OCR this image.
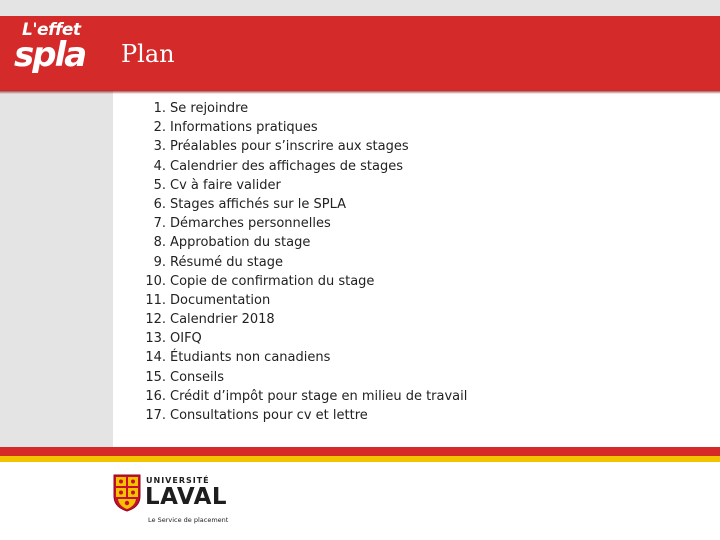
L'effet
spla Plan
1. Se rejoindre
2. Informations pratiques
3. Préalables pour s’inscrire aux stages
4. Calendrier des affichages de stages
5. Cv à faire valider
6. Stages affichés sur le SPLA
7. Démarches personnelles
8. Approbation du stage
9. Résumé du stage
10. Copie de confirmation du stage
11. Documentation
12. Calendrier 2018
13. OIFQ
14. Étudiants non canadiens
15. Conseils
16. Crédit d’impôt pour stage en milieu de travail
17. Consultations pour cv et lettre
UNIVERSITÉ
LAVAL
Le Service de placement
